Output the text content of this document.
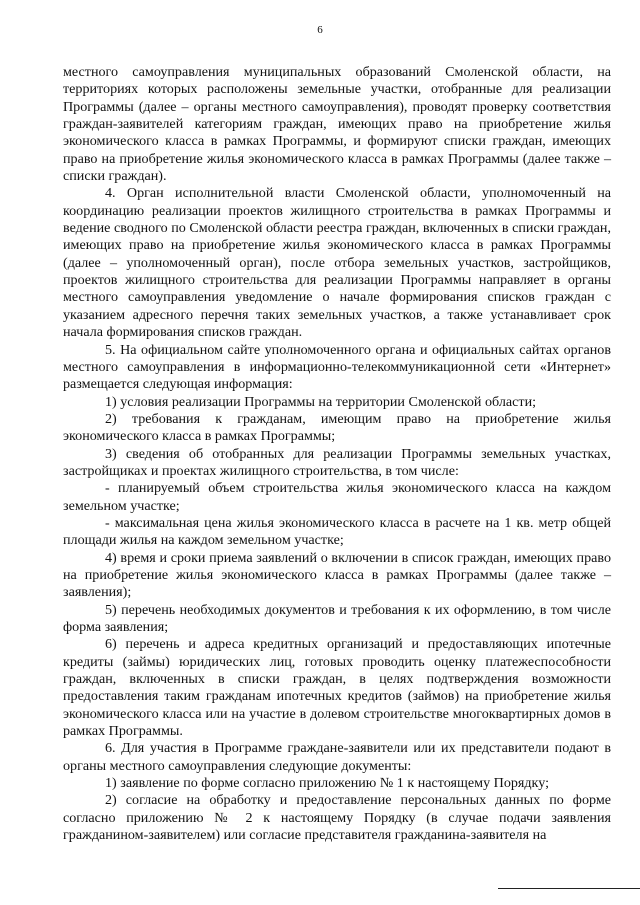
6

местного самоуправления муниципальных образований Смоленской области, на территориях которых расположены земельные участки, отобранные для реализации Программы (далее – органы местного самоуправления), проводят проверку соответствия граждан-заявителей категориям граждан, имеющих право на приобретение жилья экономического класса в рамках Программы, и формируют списки граждан, имеющих право на приобретение жилья экономического класса в рамках Программы (далее также – списки граждан).

4. Орган исполнительной власти Смоленской области, уполномоченный на координацию реализации проектов жилищного строительства в рамках Программы и ведение сводного по Смоленской области реестра граждан, включенных в списки граждан, имеющих право на приобретение жилья экономического класса в рамках Программы (далее – уполномоченный орган), после отбора земельных участков, застройщиков, проектов жилищного строительства для реализации Программы направляет в органы местного самоуправления уведомление о начале формирования списков граждан с указанием адресного перечня таких земельных участков, а также устанавливает срок начала формирования списков граждан.

5. На официальном сайте уполномоченного органа и официальных сайтах органов местного самоуправления в информационно-телекоммуникационной сети «Интернет» размещается следующая информация:

1) условия реализации Программы на территории Смоленской области;

2) требования к гражданам, имеющим право на приобретение жилья экономического класса в рамках Программы;

3) сведения об отобранных для реализации Программы земельных участках, застройщиках и проектах жилищного строительства, в том числе:

- планируемый объем строительства жилья экономического класса на каждом земельном участке;

- максимальная цена жилья экономического класса в расчете на 1 кв. метр общей площади жилья на каждом земельном участке;

4) время и сроки приема заявлений о включении в список граждан, имеющих право на приобретение жилья экономического класса в рамках Программы (далее также – заявления);

5) перечень необходимых документов и требования к их оформлению, в том числе форма заявления;

6) перечень и адреса кредитных организаций и предоставляющих ипотечные кредиты (займы) юридических лиц, готовых проводить оценку платежеспособности граждан, включенных в списки граждан, в целях подтверждения возможности предоставления таким гражданам ипотечных кредитов (займов) на приобретение жилья экономического класса или на участие в долевом строительстве многоквартирных домов в рамках Программы.

6. Для участия в Программе граждане-заявители или их представители подают в органы местного самоуправления следующие документы:

1) заявление по форме согласно приложению № 1 к настоящему Порядку;

2) согласие на обработку и предоставление персональных данных по форме согласно приложению № 2 к настоящему Порядку (в случае подачи заявления гражданином-заявителем) или согласие представителя гражданина-заявителя на
